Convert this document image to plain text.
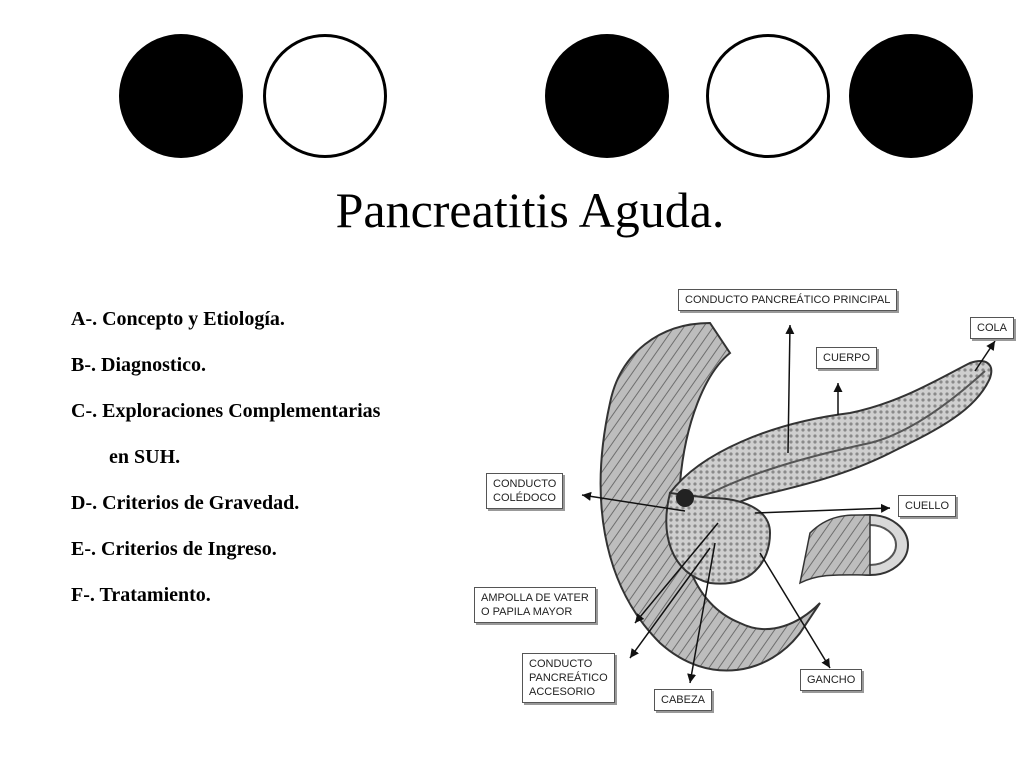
Pancreatitis Aguda.
A-. Concepto y Etiología.
B-. Diagnostico.
C-. Exploraciones Complementarias
en SUH.
D-. Criterios de Gravedad.
E-. Criterios de Ingreso.
F-. Tratamiento.
CONDUCTO PANCREÁTICO PRINCIPAL
COLA
CUERPO
CONDUCTO
COLÉDOCO
CUELLO
AMPOLLA DE VATER
O PAPILA MAYOR
CONDUCTO
PANCREÁTICO
ACCESORIO
CABEZA
GANCHO
